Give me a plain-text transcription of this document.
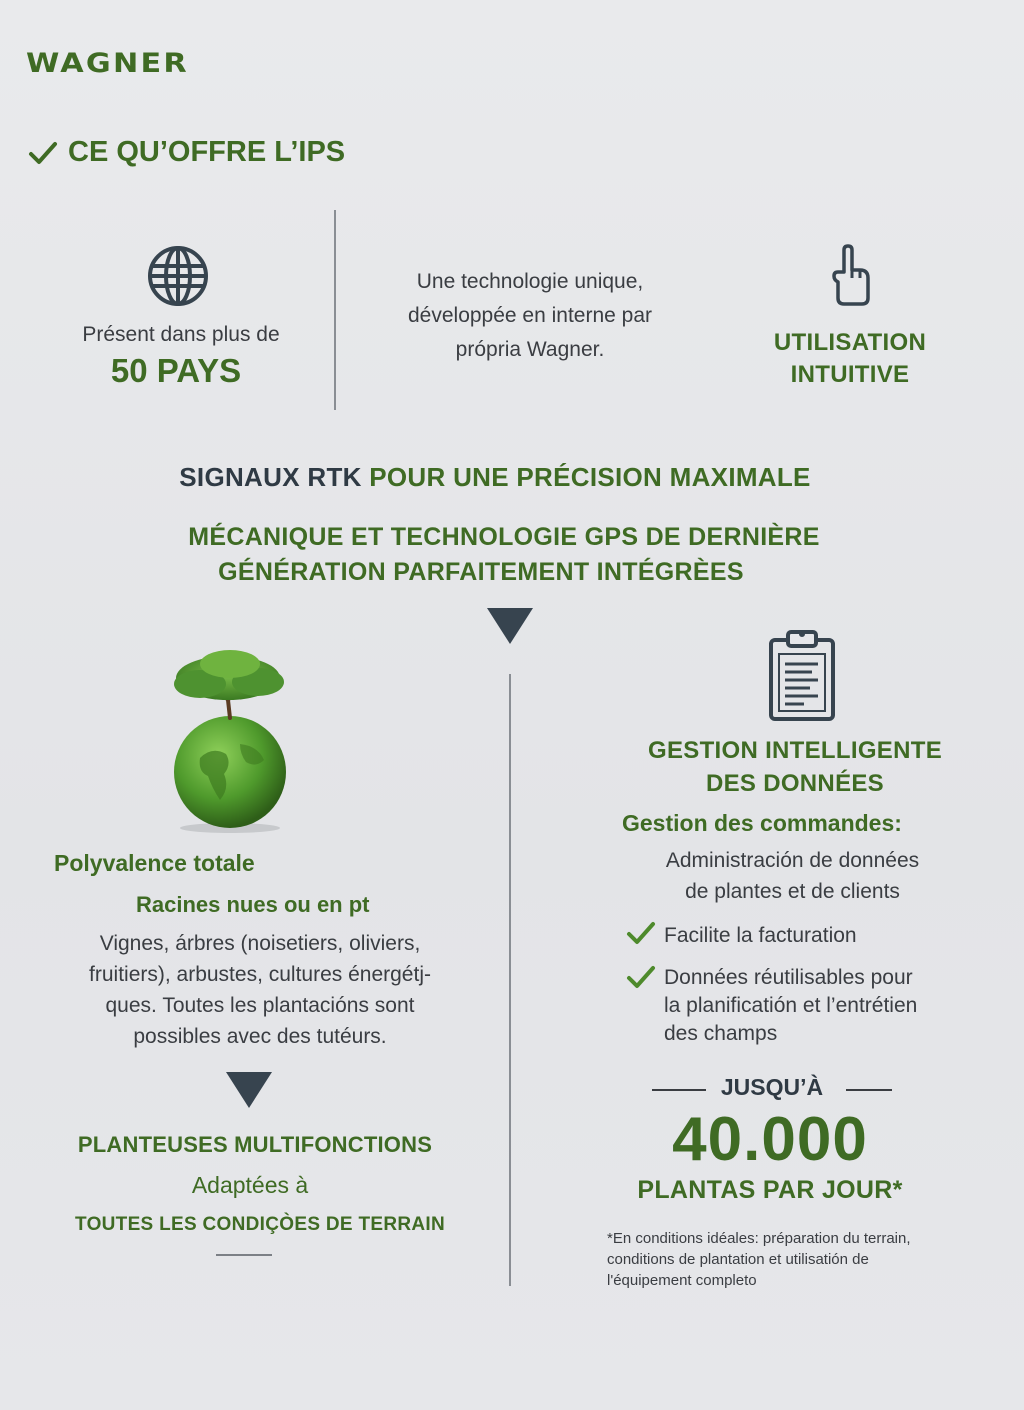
WAGNER
CE QU’OFFRE L’IPS
Présent dans plus de
50 PAYS
Une technologie unique,
développée en interne par
própria Wagner.	UTILISATION
INTUITIVE
SIGNAUX RTK POUR UNE PRÉCISION MAXIMALE
MÉCANIQUE ET TECHNOLOGIE GPS DE DERNIÈRE
GÉNÉRATION PARFAITEMENT INTÉGRÈES
Polyvalence totale
Racines nues ou en pt
Vignes, árbres (noisetiers, oliviers,
fruitiers), arbustes, cultures énergétj-
ques. Toutes les plantacións sont
possibles avec des tutéurs.
PLANTEUSES MULTIFONCTIONS
Adaptées à
TOUTES LES CONDIÇÒES DE TERRAIN
GESTION INTELLIGENTE
DES DONNÉES
Gestion des commandes:
Administración de données
de plantes et de clients
Facilite la facturation
Données réutilisables pour
la planificatión et l’entrétien
des champs
JUSQU’À
40.000
PLANTAS PAR JOUR*
*En conditions idéales: préparation du terrain,
conditions de plantation et utilisatión de
l'équipement completo
